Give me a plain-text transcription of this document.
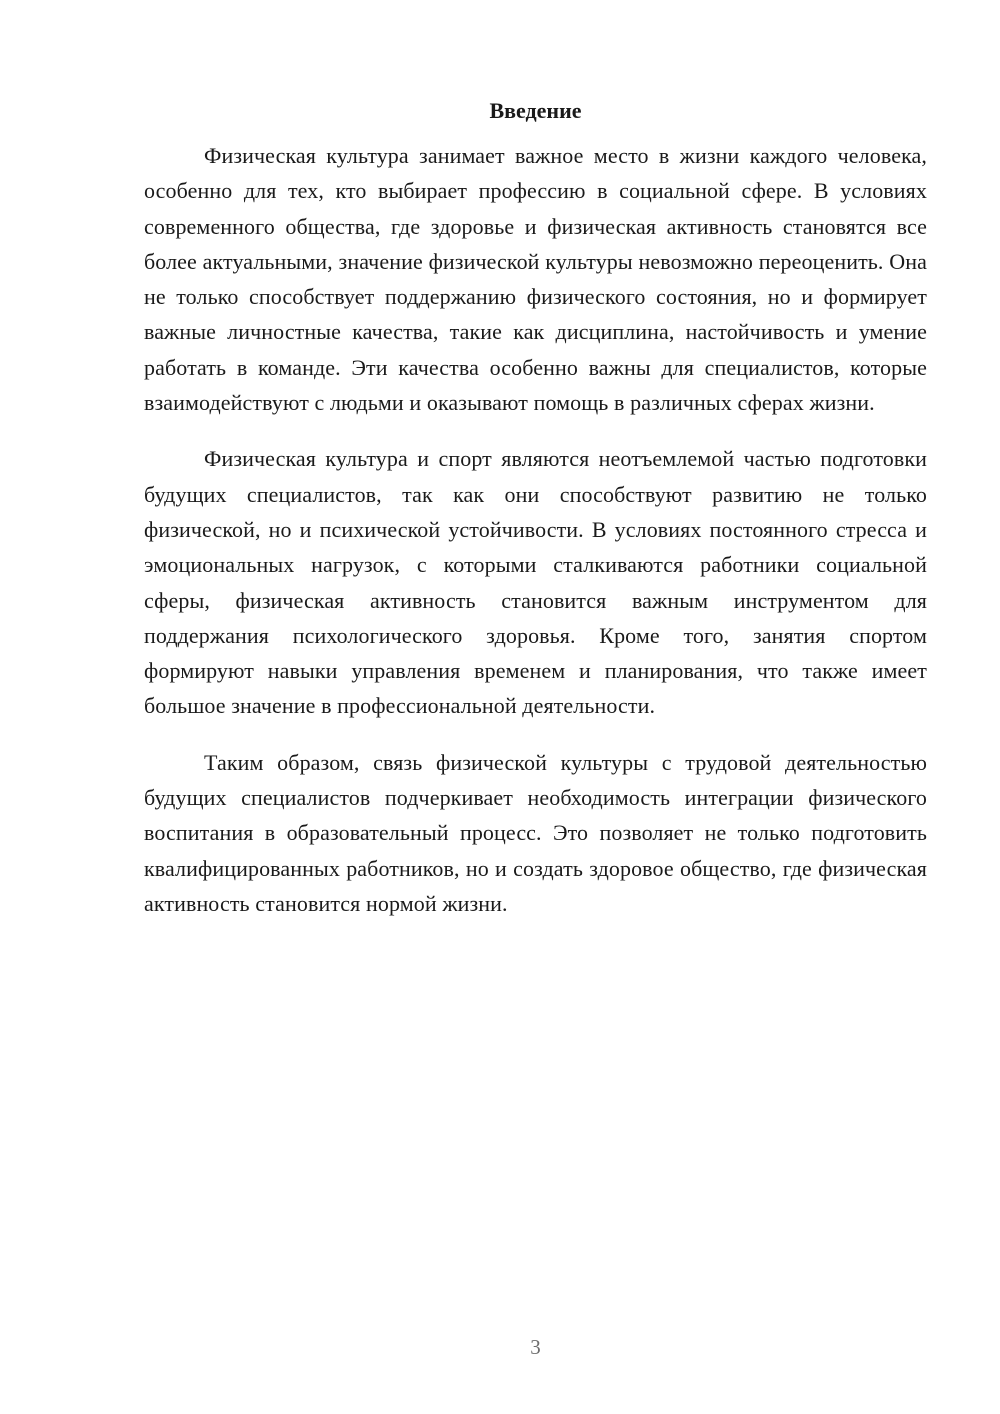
Введение

Физическая культура занимает важное место в жизни каждого человека, особенно для тех, кто выбирает профессию в социальной сфере. В условиях современного общества, где здоровье и физическая активность становятся все более актуальными, значение физической культуры невозможно переоценить. Она не только способствует поддержанию физического состояния, но и формирует важные личностные качества, такие как дисциплина, настойчивость и умение работать в команде. Эти качества особенно важны для специалистов, которые взаимодействуют с людьми и оказывают помощь в различных сферах жизни.

Физическая культура и спорт являются неотъемлемой частью подготовки будущих специалистов, так как они способствуют развитию не только физической, но и психической устойчивости. В условиях постоянного стресса и эмоциональных нагрузок, с которыми сталкиваются работники социальной сферы, физическая активность становится важным инструментом для поддержания психологического здоровья. Кроме того, занятия спортом формируют навыки управления временем и планирования, что также имеет большое значение в профессиональной деятельности.

Таким образом, связь физической культуры с трудовой деятельностью будущих специалистов подчеркивает необходимость интеграции физического воспитания в образовательный процесс. Это позволяет не только подготовить квалифицированных работников, но и создать здоровое общество, где физическая активность становится нормой жизни.

3
